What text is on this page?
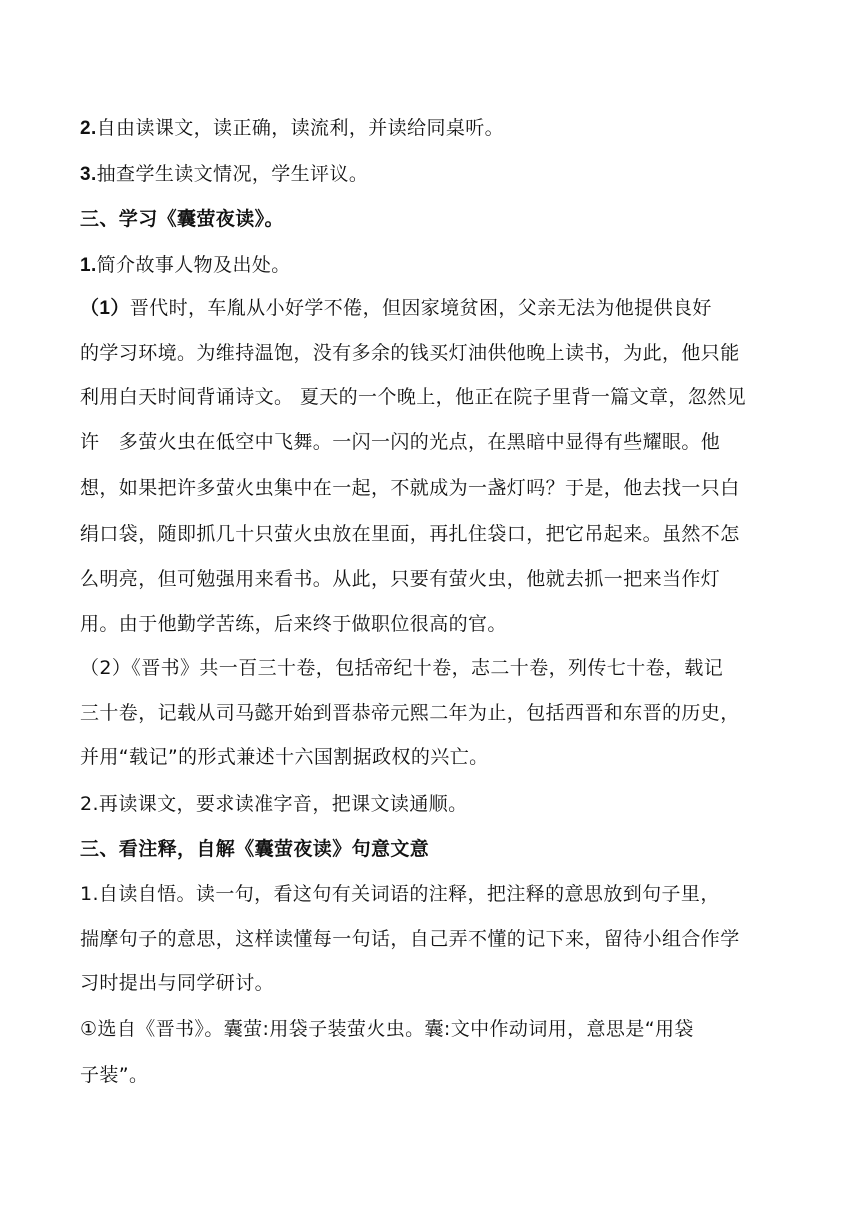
2.自由读课文，读正确，读流利，并读给同桌听。
3.抽查学生读文情况，学生评议。
三、学习《囊萤夜读》。
1.简介故事人物及出处。
（1）晋代时，车胤从小好学不倦，但因家境贫困，父亲无法为他提供良好
的学习环境。为维持温饱，没有多余的钱买灯油供他晚上读书，为此，他只能
利用白天时间背诵诗文。 夏天的一个晚上，他正在院子里背一篇文章，忽然见
许　多萤火虫在低空中飞舞。一闪一闪的光点，在黑暗中显得有些耀眼。他
想，如果把许多萤火虫集中在一起，不就成为一盏灯吗？于是，他去找一只白
绢口袋，随即抓几十只萤火虫放在里面，再扎住袋口，把它吊起来。虽然不怎
么明亮，但可勉强用来看书。从此，只要有萤火虫，他就去抓一把来当作灯
用。由于他勤学苦练，后来终于做职位很高的官。
（2）《晋书》共一百三十卷，包括帝纪十卷，志二十卷，列传七十卷，载记
三十卷，记载从司马懿开始到晋恭帝元熙二年为止，包括西晋和东晋的历史，
并用“载记”的形式兼述十六国割据政权的兴亡。
2.再读课文，要求读准字音，把课文读通顺。
三、看注释，自解《囊萤夜读》句意文意
1.自读自悟。读一句，看这句有关词语的注释，把注释的意思放到句子里，
揣摩句子的意思，这样读懂每一句话，自己弄不懂的记下来，留待小组合作学
习时提出与同学研讨。
①选自《晋书》。囊萤:用袋子装萤火虫。囊:文中作动词用，意思是“用袋
子装”。
